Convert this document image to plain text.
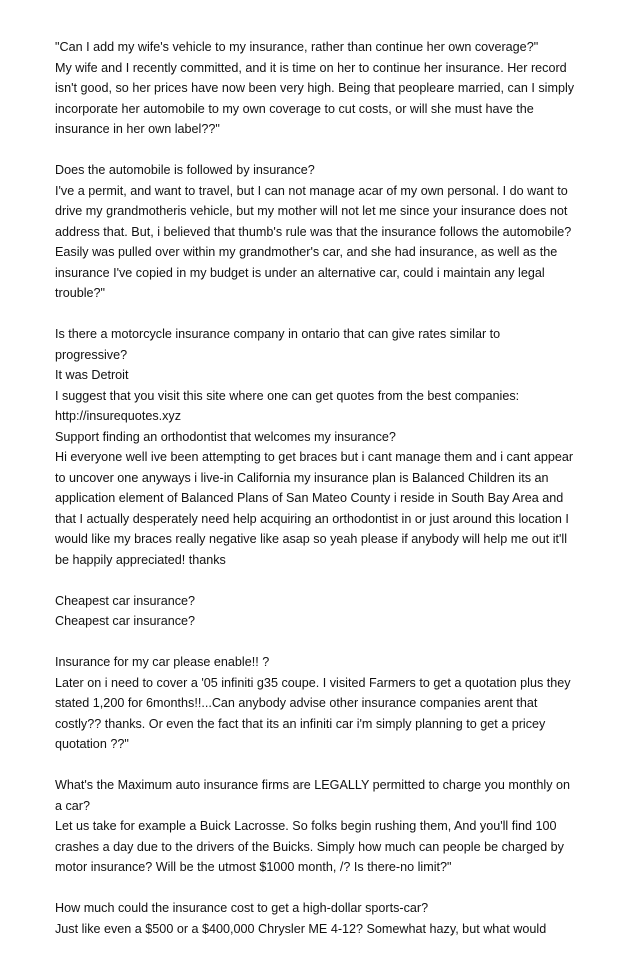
"Can I add my wife's vehicle to my insurance, rather than continue her own coverage?"
My wife and I recently committed, and it is time on her to continue her insurance. Her record
isn't good, so her prices have now been very high. Being that peopleare married, can I simply
incorporate her automobile to my own coverage to cut costs, or will she must have the
insurance in her own label??"

Does the automobile is followed by insurance?
I've a permit, and want to travel, but I can not manage acar of my own personal. I do want to
drive my grandmotheris vehicle, but my mother will not let me since your insurance does not
address that. But, i believed that thumb's rule was that the insurance follows the automobile?
Easily was pulled over within my grandmother's car, and she had insurance, as well as the
insurance I've copied in my budget is under an alternative car, could i maintain any legal
trouble?"

Is there a motorcycle insurance company in ontario that can give rates similar to
progressive?
It was Detroit
I suggest that you visit this site where one can get quotes from the best companies:
http://insurequotes.xyz
Support finding an orthodontist that welcomes my insurance?
Hi everyone well ive been attempting to get braces but i cant manage them and i cant appear
to uncover one anyways i live-in California my insurance plan is Balanced Children its an
application element of Balanced Plans of San Mateo County i reside in South Bay Area and
that I actually desperately need help acquiring an orthodontist in or just around this location I
would like my braces really negative like asap so yeah please if anybody will help me out it'll
be happily appreciated! thanks

Cheapest car insurance?
Cheapest car insurance?

Insurance for my car please enable!! ?
Later on i need to cover a '05 infiniti g35 coupe. I visited Farmers to get a quotation plus they
stated 1,200 for 6months!!...Can anybody advise other insurance companies arent that
costly?? thanks. Or even the fact that its an infiniti car i'm simply planning to get a pricey
quotation ??"

What's the Maximum auto insurance firms are LEGALLY permitted to charge you monthly on
a car?
Let us take for example a Buick Lacrosse. So folks begin rushing them, And you'll find 100
crashes a day due to the drivers of the Buicks. Simply how much can people be charged by
motor insurance? Will be the utmost $1000 month, /? Is there-no limit?"

How much could the insurance cost to get a high-dollar sports-car?
Just like even a $500 or a $400,000 Chrysler ME 4-12? Somewhat hazy, but what would
